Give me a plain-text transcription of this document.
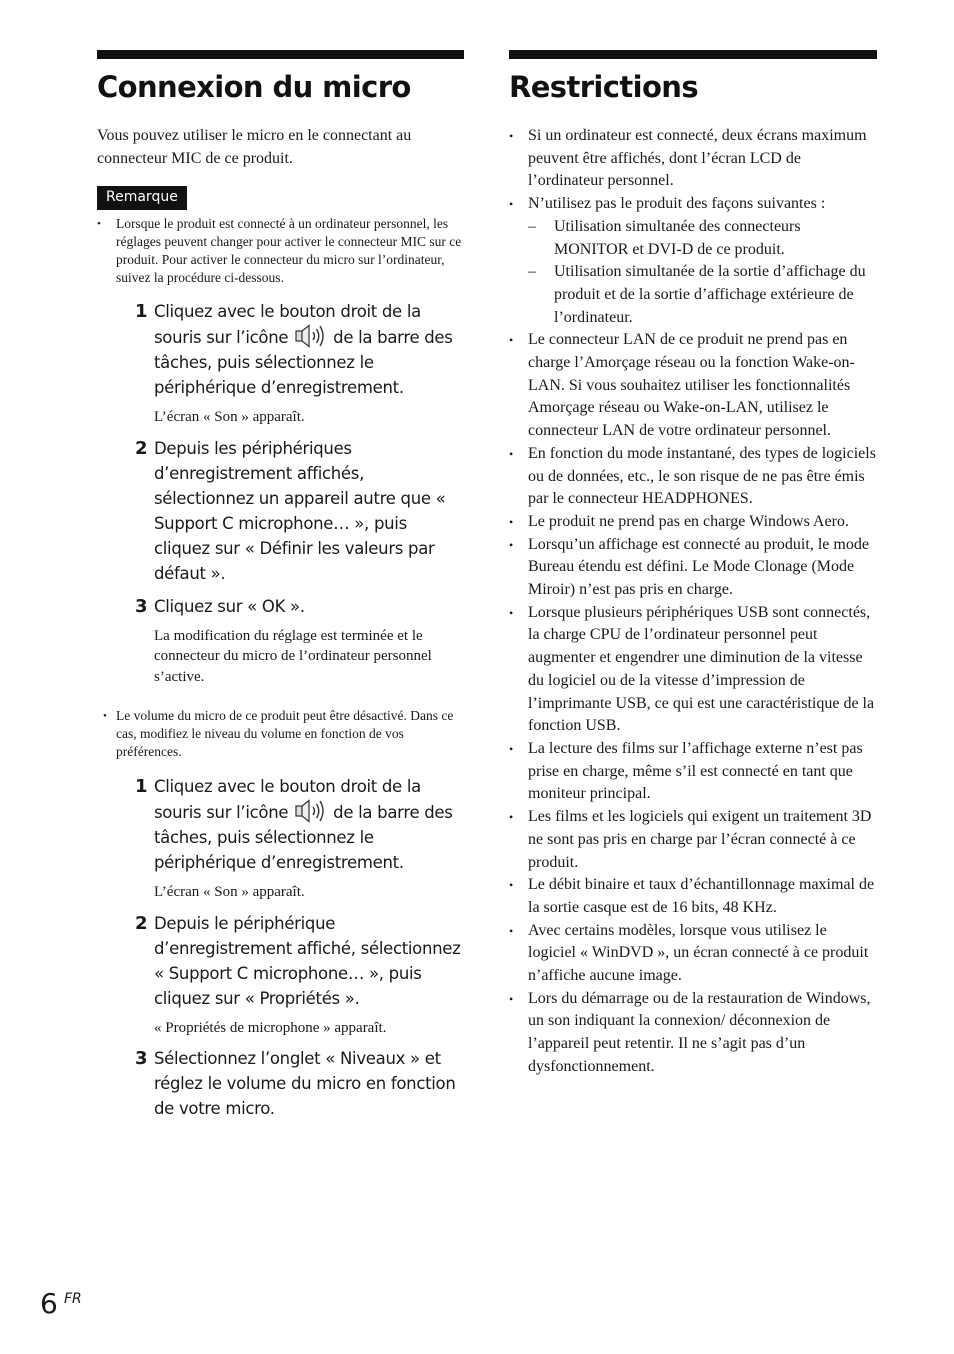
Connexion du micro

Vous pouvez utiliser le micro en le connectant au connecteur MIC de ce produit.

Remarque
• Lorsque le produit est connecté à un ordinateur personnel, les réglages peuvent changer pour activer le connecteur MIC sur ce produit. Pour activer le connecteur du micro sur l’ordinateur, suivez la procédure ci-dessous.
1 Cliquez avec le bouton droit de la souris sur l’icône	de la barre des tâches, puis sélectionnez le périphérique d’enregistrement.

L’écran « Son » apparaît.

2 Depuis les périphériques d’enregistrement affichés, sélectionnez un appareil autre que « Support C microphone… », puis cliquez sur « Définir les valeurs par défaut ».
3 Cliquez sur « OK ».

La modification du réglage est terminée et le connecteur du micro de l’ordinateur personnel s’active.

• Le volume du micro de ce produit peut être désactivé. Dans ce cas, modifiez le niveau du volume en fonction de vos préférences.
1 Cliquez avec le bouton droit de la souris sur l’icône	de la barre des tâches, puis sélectionnez le périphérique d’enregistrement.

L’écran « Son » apparaît.

2 Depuis le périphérique d’enregistrement affiché, sélectionnez « Support C microphone… », puis cliquez sur « Propriétés ».

« Propriétés de microphone » apparaît.

3 Sélectionnez l’onglet « Niveaux » et réglez le volume du micro en fonction de votre micro.
Restrictions
• Si un ordinateur est connecté, deux écrans maximum peuvent être affichés, dont l’écran LCD de l’ordinateur personnel.
• N’utilisez pas le produit des façons suivantes :
– Utilisation simultanée des connecteurs MONITOR et DVI-D de ce produit.
– Utilisation simultanée de la sortie d’affichage du produit et de la sortie d’affichage extérieure de l’ordinateur.
• Le connecteur LAN de ce produit ne prend pas en charge l’Amorçage réseau ou la fonction Wake-on-LAN. Si vous souhaitez utiliser les fonctionnalités Amorçage réseau ou Wake-on-LAN, utilisez le connecteur LAN de votre ordinateur personnel.
• En fonction du mode instantané, des types de logiciels ou de données, etc., le son risque de ne pas être émis par le connecteur HEADPHONES.
• Le produit ne prend pas en charge Windows Aero.
• Lorsqu’un affichage est connecté au produit, le mode Bureau étendu est défini. Le Mode Clonage (Mode Miroir) n’est pas pris en charge.
• Lorsque plusieurs périphériques USB sont connectés, la charge CPU de l’ordinateur personnel peut augmenter et engendrer une diminution de la vitesse du logiciel ou de la vitesse d’impression de l’imprimante USB, ce qui est une caractéristique de la fonction USB.
• La lecture des films sur l’affichage externe n’est pas prise en charge, même s’il est connecté en tant que moniteur principal.
• Les films et les logiciels qui exigent un traitement 3D ne sont pas pris en charge par l’écran connecté à ce produit.
• Le débit binaire et taux d’échantillonnage maximal de la sortie casque est de 16 bits, 48 KHz.
• Avec certains modèles, lorsque vous utilisez le logiciel « WinDVD », un écran connecté à ce produit n’affiche aucune image.
• Lors du démarrage ou de la restauration de Windows, un son indiquant la connexion/ déconnexion de l’appareil peut retentir. Il ne s’agit pas d’un dysfonctionnement.
6 FR
